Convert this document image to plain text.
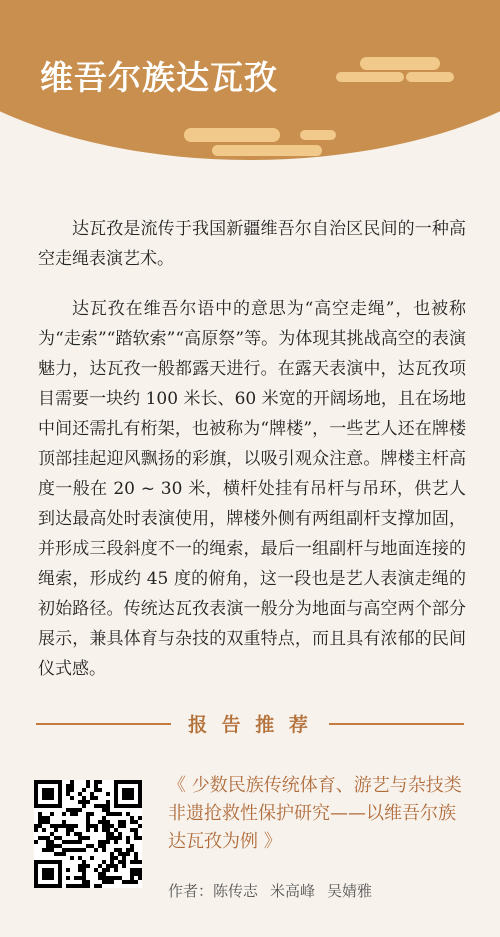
维吾尔族达瓦孜

达瓦孜是流传于我国新疆维吾尔自治区民间的一种高空走绳表演艺术。

达瓦孜在维吾尔语中的意思为“高空走绳”，也被称为“走索”“踏软索”“高原祭”等。为体现其挑战高空的表演魅力，达瓦孜一般都露天进行。在露天表演中，达瓦孜项目需要一块约 100 米长、60 米宽的开阔场地，且在场地中间还需扎有桁架，也被称为“牌楼”，一些艺人还在牌楼顶部挂起迎风飘扬的彩旗，以吸引观众注意。牌楼主杆高度一般在 20 ~ 30 米，横杆处挂有吊杆与吊环，供艺人到达最高处时表演使用，牌楼外侧有两组副杆支撑加固，并形成三段斜度不一的绳索，最后一组副杆与地面连接的绳索，形成约 45 度的俯角，这一段也是艺人表演走绳的初始路径。传统达瓦孜表演一般分为地面与高空两个部分展示，兼具体育与杂技的双重特点，而且具有浓郁的民间仪式感。

报 告 推 荐

《 少数民族传统体育、游艺与杂技类非遗抢救性保护研究——以维吾尔族达瓦孜为例 》

作者：陈传志 米高峰 吴婧雅
